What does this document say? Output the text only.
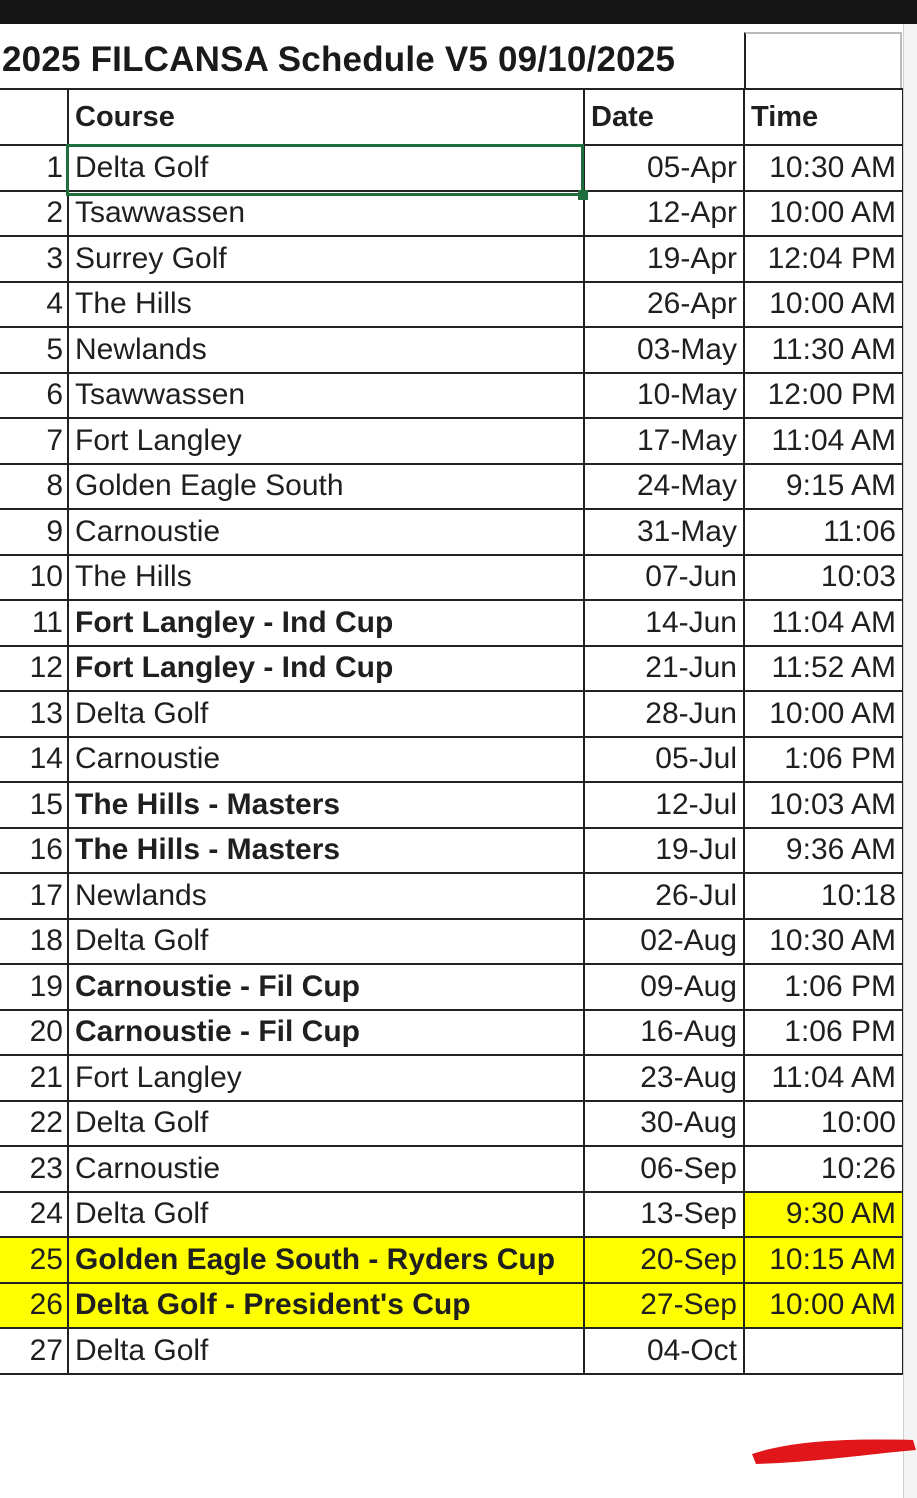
2025 FILCANSA Schedule V5 09/10/2025
	Course	Date	Time
1	Delta Golf	05-Apr	10:30 AM
2	Tsawwassen	12-Apr	10:00 AM
3	Surrey Golf	19-Apr	12:04 PM
4	The Hills	26-Apr	10:00 AM
5	Newlands	03-May	11:30 AM
6	Tsawwassen	10-May	12:00 PM
7	Fort Langley	17-May	11:04 AM
8	Golden Eagle South	24-May	9:15 AM
9	Carnoustie	31-May	11:06
10	The Hills	07-Jun	10:03
11	Fort Langley - Ind Cup	14-Jun	11:04 AM
12	Fort Langley - Ind Cup	21-Jun	11:52 AM
13	Delta Golf	28-Jun	10:00 AM
14	Carnoustie	05-Jul	1:06 PM
15	The Hills - Masters	12-Jul	10:03 AM
16	The Hills - Masters	19-Jul	9:36 AM
17	Newlands	26-Jul	10:18
18	Delta Golf	02-Aug	10:30 AM
19	Carnoustie - Fil Cup	09-Aug	1:06 PM
20	Carnoustie - Fil Cup	16-Aug	1:06 PM
21	Fort Langley	23-Aug	11:04 AM
22	Delta Golf	30-Aug	10:00
23	Carnoustie	06-Sep	10:26
24	Delta Golf	13-Sep	9:30 AM
25	Golden Eagle South - Ryders Cup	20-Sep	10:15 AM
26	Delta Golf - President's Cup	27-Sep	10:00 AM
27	Delta Golf	04-Oct	
